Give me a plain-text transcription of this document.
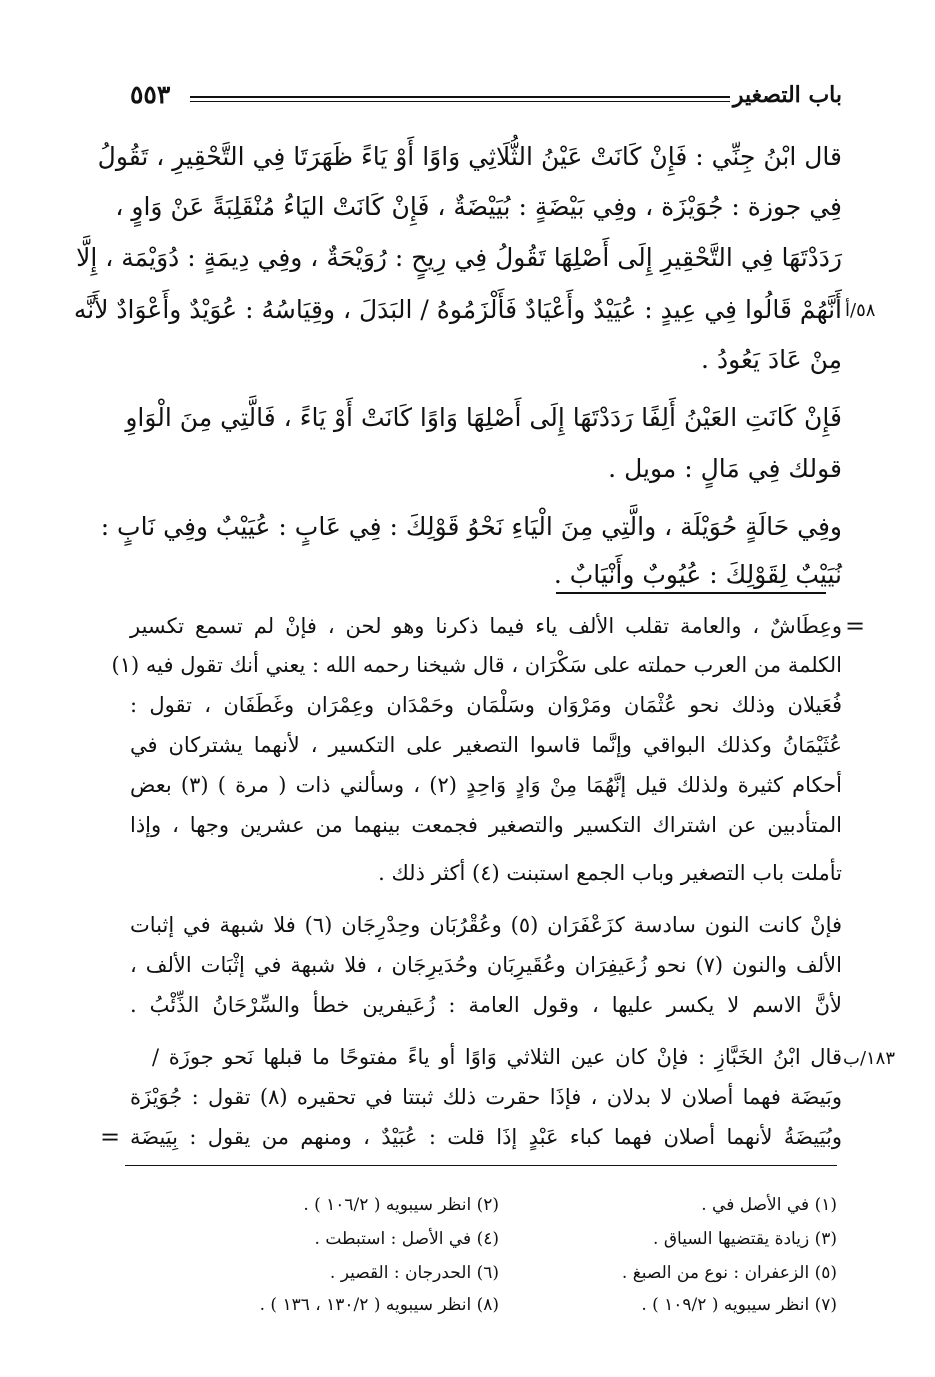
باب التصغير
٥٥٣
قال ابْنُ جِنِّي : فَإِنْ كَانَتْ عَيْنُ الثُّلَاثِي وَاوًا أَوْ يَاءً ظَهَرَتَا فِي التَّحْقِيرِ ، تَقُولُ
فِي جوزة : جُوَيْزَة ، وفِي بَيْضَةٍ : بُيَيْضَةٌ ، فَإِنْ كَانَتْ اليَاءُ مُنْقَلِبَةً عَنْ وَاوٍ ،
رَدَدْتَهَا فِي التَّحْقِيرِ إِلَى أَصْلِهَا تَقُولُ فِي رِيحٍ : رُوَيْحَةٌ ، وفِي دِيمَةٍ : دُوَيْمَة ، إِلَّا
أَنَّهُمْ قَالُوا فِي عِيدٍ : عُيَيْدٌ وأَعْيَادٌ فَأَلْزَمُوهُ / البَدَلَ ، وقِيَاسُهُ : عُوَيْدٌ وأَعْوَادٌ لأَنَّه
مِنْ عَادَ يَعُودُ .
٥٨/أ
فَإِنْ كَانَتِ العَيْنُ أَلِفًا رَدَدْتَهَا إِلَى أَصْلِهَا وَاوًا كَانَتْ أَوْ يَاءً ، فَالَّتِي مِنَ الْوَاوِ
قولك فِي مَالٍ : مويل .
وفِي حَالَةٍ حُوَيْلَة ، والَّتِي مِنَ الْيَاءِ نَحْوُ قَوْلِكَ : فِي عَابٍ : عُيَيْبٌ وفِي نَابٍ :
نُيَيْبٌ لِقَوْلِكَ : عُيُوبٌ وأَنْيَابٌ .
=
وعِطَاشٌ ، والعامة تقلب الألف ياء فيما ذكرنا وهو لحن ، فإنْ لم تسمع تكسير
الكلمة من العرب حملته على سَكْرَان ، قال شيخنا رحمه الله : يعني أنك تقول فيه (١)
فُعَيلان وذلك نحو عُثْمَان ومَرْوَان وسَلْمَان وحَمْدَان وعِمْرَان وغَطَفَان ، تقول :
عُثَيْمَانُ وكذلك البواقي وإنَّما قاسوا التصغير على التكسير ، لأنهما يشتركان في
أحكام كثيرة ولذلك قيل إنَّهُمَا مِنْ وَادٍ وَاحِدٍ (٢) ، وسألني ذات ( مرة ) (٣) بعض
المتأدبين عن اشتراك التكسير والتصغير فجمعت بينهما من عشرين وجها ، وإذا
تأملت باب التصغير وباب الجمع استبنت (٤) أكثر ذلك .
فإنْ كانت النون سادسة كزَعْفَرَان (٥) وعُقْرُبَان وحِدْرِجَان (٦) فلا شبهة في إثبات
الألف والنون (٧) نحو زُعَيفِرَان وعُقَيرِبَان وحُدَيرِجَان ، فلا شبهة في إثْبَات الألف ،
لأنَّ الاسم لا يكسر عليها ، وقول العامة : زُعَيفرين خطأ والسِّرْحَانُ الذِّئْبُ .
١٨٣/ب
قال ابْنُ الخَبَّازِ : فإنْ كان عين الثلاثي وَاوًا أو ياءً مفتوحًا ما قبلها نَحو جوزَة /
وبَيضَة فهما أصلان لا بدلان ، فإذَا حقرت ذلك ثبتتا في تحقيره (٨) تقول : جُوَيْزَة
وبُيَيضَةُ لأنهما أصلان فهما كباء عَبْدٍ إذَا قلت : عُبَيْدٌ ، ومنهم من يقول : بِيَيضَة
=
(١) في الأصل في .
(٣) زيادة يقتضيها السياق .
(٥) الزعفران : نوع من الصبغ .
(٧) انظر سيبويه ( ١٠٩/٢ ) .
(٢) انظر سيبويه ( ١٠٦/٢ ) .
(٤) في الأصل : استبطت .
(٦) الحدرجان : القصير .
(٨) انظر سيبويه ( ١٣٠/٢ ، ١٣٦ ) .
